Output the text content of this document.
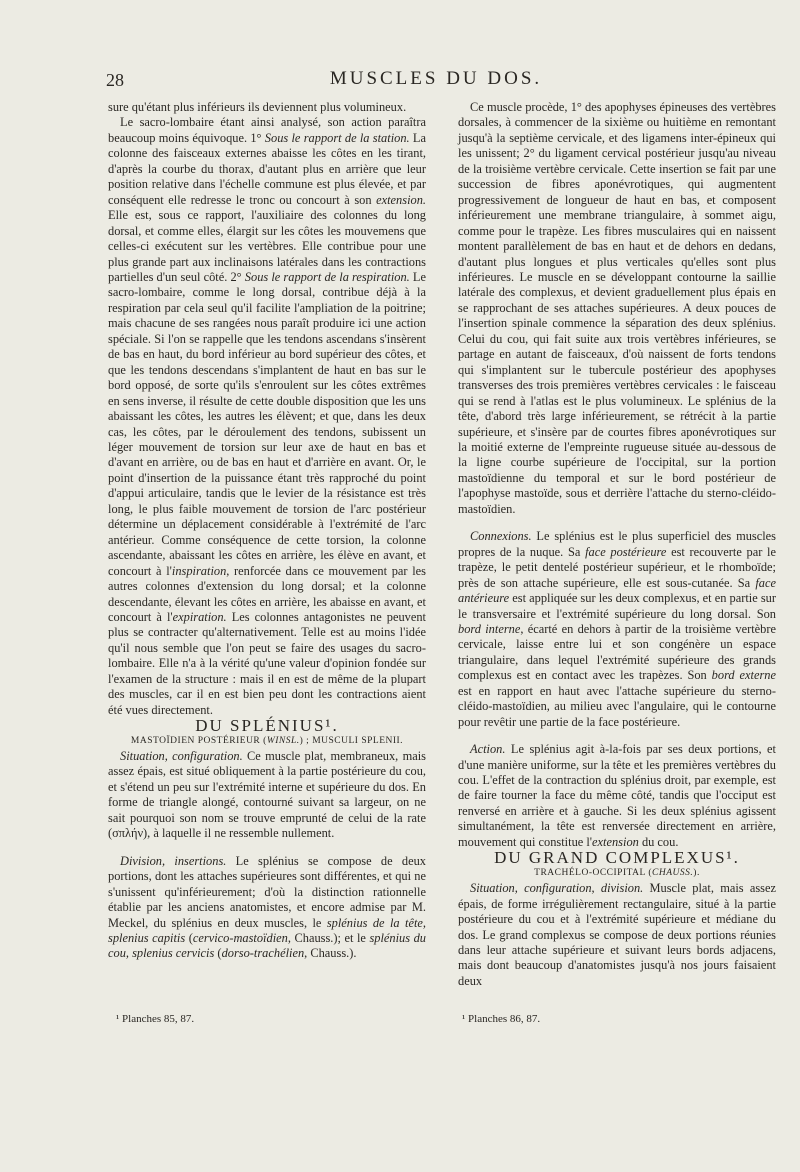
28	MUSCLES DU DOS.

sure qu'étant plus inférieurs ils deviennent plus volumineux.

Le sacro-lombaire étant ainsi analysé, son action paraîtra beaucoup moins équivoque. 1° Sous le rapport de la station. La colonne des faisceaux externes abaisse les côtes en les tirant, d'après la courbe du thorax, d'autant plus en arrière que leur position relative dans l'échelle commune est plus élevée, et par conséquent elle redresse le tronc ou concourt à son extension. Elle est, sous ce rapport, l'auxiliaire des colonnes du long dorsal, et comme elles, élargit sur les côtes les mouvemens que celles-ci exécutent sur les vertèbres. Elle contribue pour une plus grande part aux inclinaisons latérales dans les contractions partielles d'un seul côté. 2° Sous le rapport de la respiration. Le sacro-lombaire, comme le long dorsal, contribue déjà à la respiration par cela seul qu'il facilite l'ampliation de la poitrine; mais chacune de ses rangées nous paraît produire ici une action spéciale. Si l'on se rappelle que les tendons ascendans s'insèrent de bas en haut, du bord inférieur au bord supérieur des côtes, et que les tendons descendans s'implantent de haut en bas sur le bord opposé, de sorte qu'ils s'enroulent sur les côtes extrêmes en sens inverse, il résulte de cette double disposition que les uns abaissant les côtes, les autres les élèvent; et que, dans les deux cas, les côtes, par le déroulement des tendons, subissent un léger mouvement de torsion sur leur axe de haut en bas et d'avant en arrière, ou de bas en haut et d'arrière en avant. Or, le point d'insertion de la puissance étant très rapproché du point d'appui articulaire, tandis que le levier de la résistance est très long, le plus faible mouvement de torsion de l'arc postérieur détermine un déplacement considérable à l'extrémité de l'arc antérieur. Comme conséquence de cette torsion, la colonne ascendante, abaissant les côtes en arrière, les élève en avant, et concourt à l'inspiration, renforcée dans ce mouvement par les autres colonnes d'extension du long dorsal; et la colonne descendante, élevant les côtes en arrière, les abaisse en avant, et concourt à l'expiration. Les colonnes antagonistes ne peuvent plus se contracter qu'alternativement. Telle est au moins l'idée qu'il nous semble que l'on peut se faire des usages du sacro-lombaire. Elle n'a à la vérité qu'une valeur d'opinion fondée sur l'examen de la structure : mais il en est de même de la plupart des muscles, car il en est bien peu dont les contractions aient été vues directement.

DU SPLÉNIUS¹.

MASTOÏDIEN POSTÉRIEUR (WINSL.) ; MUSCULI SPLENII.

Situation, configuration. Ce muscle plat, membraneux, mais assez épais, est situé obliquement à la partie postérieure du cou, et s'étend un peu sur l'extrémité interne et supérieure du dos. En forme de triangle alongé, contourné suivant sa largeur, on ne sait pourquoi son nom se trouve emprunté de celui de la rate (σπλήν), à laquelle il ne ressemble nullement.

Division, insertions. Le splénius se compose de deux portions, dont les attaches supérieures sont différentes, et qui ne s'unissent qu'inférieurement; d'où la distinction rationnelle établie par les anciens anatomistes, et encore admise par M. Meckel, du splénius en deux muscles, le splénius de la tête, splenius capitis (cervico-mastoïdien, Chauss.); et le splénius du cou, splenius cervicis (dorso-trachélien, Chauss.).

Ce muscle procède, 1° des apophyses épineuses des vertèbres dorsales, à commencer de la sixième ou huitième en remontant jusqu'à la septième cervicale, et des ligamens inter-épineux qui les unissent; 2° du ligament cervical postérieur jusqu'au niveau de la troisième vertèbre cervicale. Cette insertion se fait par une succession de fibres aponévrotiques, qui augmentent progressivement de longueur de haut en bas, et composent inférieurement une membrane triangulaire, à sommet aigu, comme pour le trapèze. Les fibres musculaires qui en naissent montent parallèlement de bas en haut et de dehors en dedans, d'autant plus longues et plus verticales qu'elles sont plus inférieures. Le muscle en se développant contourne la saillie latérale des complexus, et devient graduellement plus épais en se rapprochant de ses attaches supérieures. A deux pouces de l'insertion spinale commence la séparation des deux splénius. Celui du cou, qui fait suite aux trois vertèbres inférieures, se partage en autant de faisceaux, d'où naissent de forts tendons qui s'implantent sur le tubercule postérieur des apophyses transverses des trois premières vertèbres cervicales : le faisceau qui se rend à l'atlas est le plus volumineux. Le splénius de la tête, d'abord très large inférieurement, se rétrécit à la partie supérieure, et s'insère par de courtes fibres aponévrotiques sur la moitié externe de l'empreinte rugueuse située au-dessous de la ligne courbe supérieure de l'occipital, sur la portion mastoïdienne du temporal et sur le bord postérieur de l'apophyse mastoïde, sous et derrière l'attache du sterno-cléido-mastoïdien.

Connexions. Le splénius est le plus superficiel des muscles propres de la nuque. Sa face postérieure est recouverte par le trapèze, le petit dentelé postérieur supérieur, et le rhomboïde; près de son attache supérieure, elle est sous-cutanée. Sa face antérieure est appliquée sur les deux complexus, et en partie sur le transversaire et l'extrémité supérieure du long dorsal. Son bord interne, écarté en dehors à partir de la troisième vertèbre cervicale, laisse entre lui et son congénère un espace triangulaire, dans lequel l'extrémité supérieure des grands complexus est en contact avec les trapèzes. Son bord externe est en rapport en haut avec l'attache supérieure du sterno-cléido-mastoïdien, au milieu avec l'angulaire, qui le contourne pour revêtir une partie de la face postérieure.

Action. Le splénius agit à-la-fois par ses deux portions, et d'une manière uniforme, sur la tête et les premières vertèbres du cou. L'effet de la contraction du splénius droit, par exemple, est de faire tourner la face du même côté, tandis que l'occiput est renversé en arrière et à gauche. Si les deux splénius agissent simultanément, la tête est renversée directement en arrière, mouvement qui constitue l'extension du cou.

DU GRAND COMPLEXUS¹.

TRACHÉLO-OCCIPITAL (CHAUSS.).

Situation, configuration, division. Muscle plat, mais assez épais, de forme irrégulièrement rectangulaire, situé à la partie postérieure du cou et à l'extrémité supérieure et médiane du dos. Le grand complexus se compose de deux portions réunies dans leur attache supérieure et suivant leurs bords adjacens, mais dont beaucoup d'anatomistes jusqu'à nos jours faisaient deux

¹ Planches 85, 87.	¹ Planches 86, 87.
